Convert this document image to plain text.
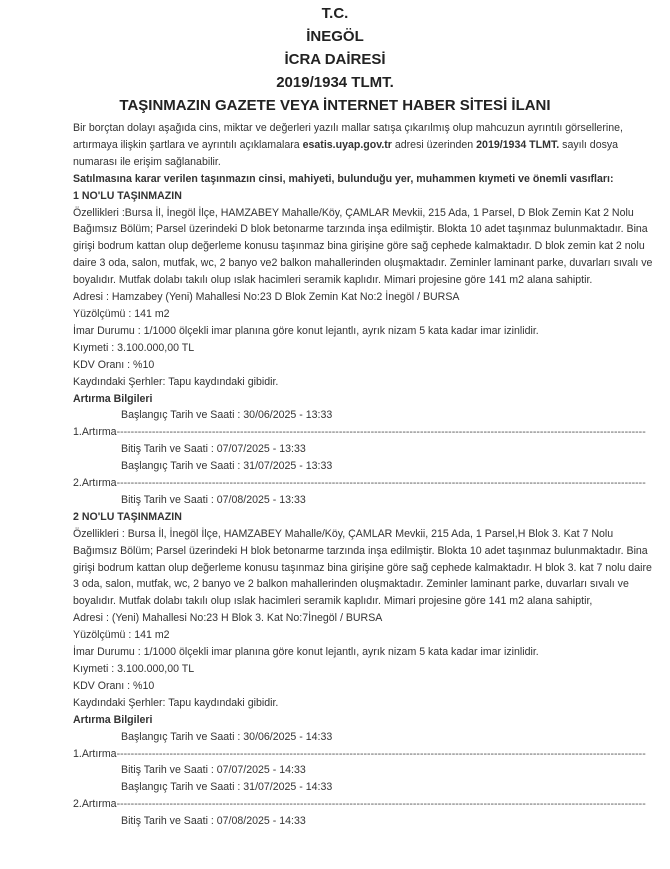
T.C.
İNEGÖL
İCRA DAİRESİ
2019/1934 TLMT.
TAŞINMAZIN GAZETE VEYA İNTERNET HABER SİTESİ İLANI

Bir borçtan dolayı aşağıda cins, miktar ve değerleri yazılı mallar satışa çıkarılmış olup mahcuzun ayrıntılı görsellerine, artırmaya ilişkin şartlara ve ayrıntılı açıklamalara esatis.uyap.gov.tr adresi üzerinden 2019/1934 TLMT. sayılı dosya numarası ile erişim sağlanabilir.

Satılmasına karar verilen taşınmazın cinsi, mahiyeti, bulunduğu yer, muhammen kıymeti ve önemli vasıfları:

1 NO'LU TAŞINMAZIN

Özellikleri :Bursa İl, İnegöl İlçe, HAMZABEY Mahalle/Köy, ÇAMLAR Mevkii, 215 Ada, 1 Parsel, D Blok Zemin Kat 2 Nolu Bağımsız Bölüm; Parsel üzerindeki D blok betonarme tarzında inşa edilmiştir. Blokta 10 adet taşınmaz bulunmaktadır. Bina girişi bodrum kattan olup değerleme konusu taşınmaz bina girişine göre sağ cephede kalmaktadır. D blok zemin kat 2 nolu daire 3 oda, salon, mutfak, wc, 2 banyo ve2 balkon mahallerinden oluşmaktadır. Zeminler laminant parke, duvarları sıvalı ve boyalıdır. Mutfak dolabı takılı olup ıslak hacimleri seramik kaplıdır. Mimari projesine göre 141 m2 alana sahiptir.

Adresi : Hamzabey (Yeni) Mahallesi No:23 D Blok Zemin Kat No:2 İnegöl / BURSA

Yüzölçümü : 141 m2

İmar Durumu : 1/1000 ölçekli imar planına göre konut lejantlı, ayrık nizam 5 kata kadar imar izinlidir.

Kıymeti : 3.100.000,00 TL

KDV Oranı : %10

Kaydındaki Şerhler: Tapu kaydındaki gibidir.

Artırma Bilgileri

Başlangıç Tarih ve Saati : 30/06/2025 - 13:33

1.Artırma ------------------------------------------------------------------------------------------------------------------------------------------------------

Bitiş Tarih ve Saati : 07/07/2025 - 13:33

Başlangıç Tarih ve Saati : 31/07/2025 - 13:33

2.Artırma ------------------------------------------------------------------------------------------------------------------------------------------------------

Bitiş Tarih ve Saati : 07/08/2025 - 13:33

2 NO'LU TAŞINMAZIN

Özellikleri : Bursa İl, İnegöl İlçe, HAMZABEY Mahalle/Köy, ÇAMLAR Mevkii, 215 Ada, 1 Parsel,H Blok 3. Kat 7 Nolu Bağımsız Bölüm; Parsel üzerindeki H blok betonarme tarzında inşa edilmiştir. Blokta 10 adet taşınmaz bulunmaktadır. Bina girişi bodrum kattan olup değerleme konusu taşınmaz bina girişine göre sağ cephede kalmaktadır. H blok 3. kat 7 nolu daire 3 oda, salon, mutfak, wc, 2 banyo ve 2 balkon mahallerinden oluşmaktadır. Zeminler laminant parke, duvarları sıvalı ve boyalıdır. Mutfak dolabı takılı olup ıslak hacimleri seramik kaplıdır. Mimari projesine göre 141 m2 alana sahiptir,

Adresi : (Yeni) Mahallesi No:23 H Blok 3. Kat No:7İnegöl / BURSA

Yüzölçümü : 141 m2

İmar Durumu : 1/1000 ölçekli imar planına göre konut lejantlı, ayrık nizam 5 kata kadar imar izinlidir.

Kıymeti : 3.100.000,00 TL

KDV Oranı : %10

Kaydındaki Şerhler: Tapu kaydındaki gibidir.

Artırma Bilgileri

Başlangıç Tarih ve Saati : 30/06/2025 - 14:33

1.Artırma ------------------------------------------------------------------------------------------------------------------------------------------------------

Bitiş Tarih ve Saati : 07/07/2025 - 14:33

Başlangıç Tarih ve Saati : 31/07/2025 - 14:33

2.Artırma ------------------------------------------------------------------------------------------------------------------------------------------------------

Bitiş Tarih ve Saati : 07/08/2025 - 14:33
